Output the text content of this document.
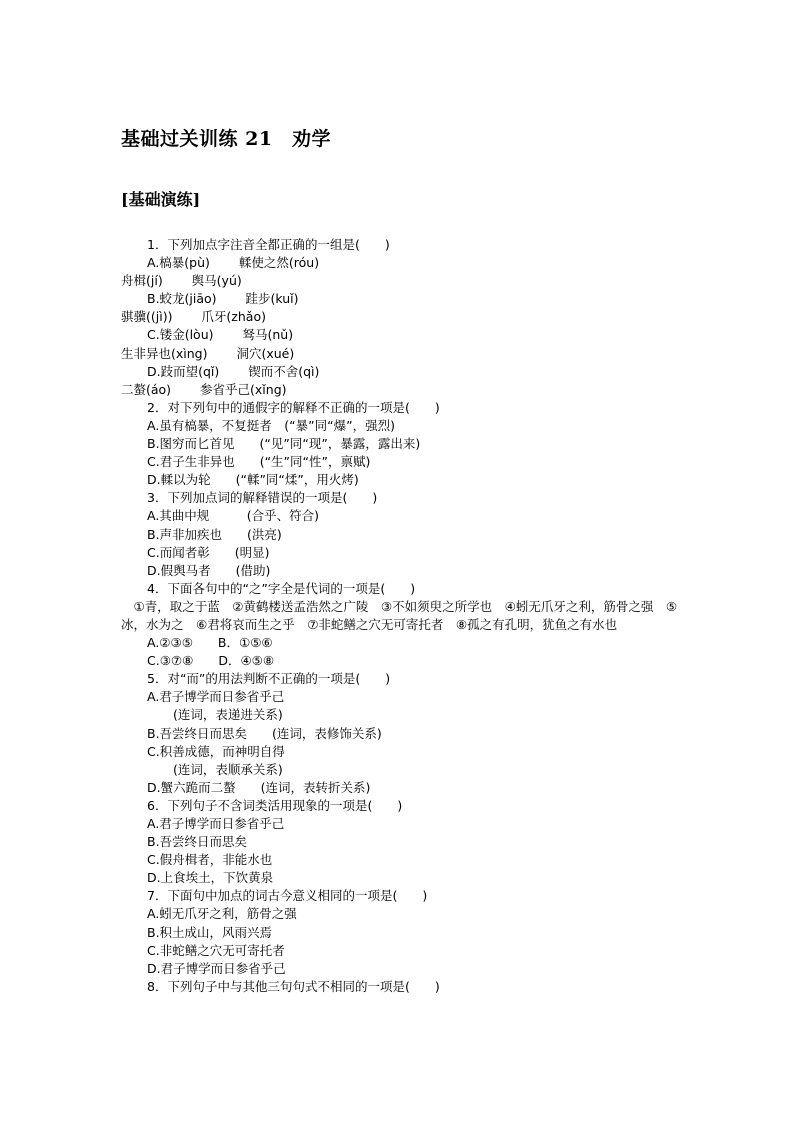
基础过关训练 21　劝学
[基础演练]
1．下列加点字注音全都正确的一组是(　　)
A.槁暴(pù)　　 輮使之然(róu)
舟楫(jí)　　 舆马(yú)
B.蛟龙(jiāo)　　 跬步(kuǐ)
骐骥((jì))　　 爪牙(zhǎo)
C.镂金(lòu)　　 驽马(nǔ)
生非异也(xìng)　　 洞穴(xué)
D.跂而望(qǐ)　　 锲而不舍(qì)
二螯(áo)　　 参省乎己(xǐng)
2．对下列句中的通假字的解释不正确的一项是(　　)
A.虽有槁暴，不复挺者　(“暴”同“爆”，强烈)
B.图穷而匕首见　　(“见”同“现”，暴露，露出来)
C.君子生非异也　　(“生”同“性”，禀赋)
D.輮以为轮　　(“輮”同“煣”，用火烤)
3．下列加点词的解释错误的一项是(　　)
A.其曲中规　　　(合乎、符合)
B.声非加疾也　　(洪亮)
C.而闻者彰　　(明显)
D.假舆马者　　(借助)
4．下面各句中的“之”字全是代词的一项是(　　)
　①青，取之于蓝　②黄鹤楼送孟浩然之广陵　③不如须臾之所学也　④蚓无爪牙之利，筋骨之强　⑤冰，水为之　⑥君将哀而生之乎　⑦非蛇鳝之穴无可寄托者　⑧孤之有孔明，犹鱼之有水也
A.②③⑤　　B．①⑤⑥
C.③⑦⑧　　D．④⑤⑧
5．对“而”的用法判断不正确的一项是(　　)
A.君子博学而日参省乎己
(连词，表递进关系)
B.吾尝终日而思矣　　(连词，表修饰关系)
C.积善成德，而神明自得
(连词，表顺承关系)
D.蟹六跪而二螯　　(连词，表转折关系)
6．下列句子不含词类活用现象的一项是(　　)
A.君子博学而日参省乎己
B.吾尝终日而思矣
C.假舟楫者，非能水也
D.上食埃土，下饮黄泉
7．下面句中加点的词古今意义相同的一项是(　　)
A.蚓无爪牙之利，筋骨之强
B.积土成山，风雨兴焉
C.非蛇鳝之穴无可寄托者
D.君子博学而日参省乎己
8．下列句子中与其他三句句式不相同的一项是(　　)
